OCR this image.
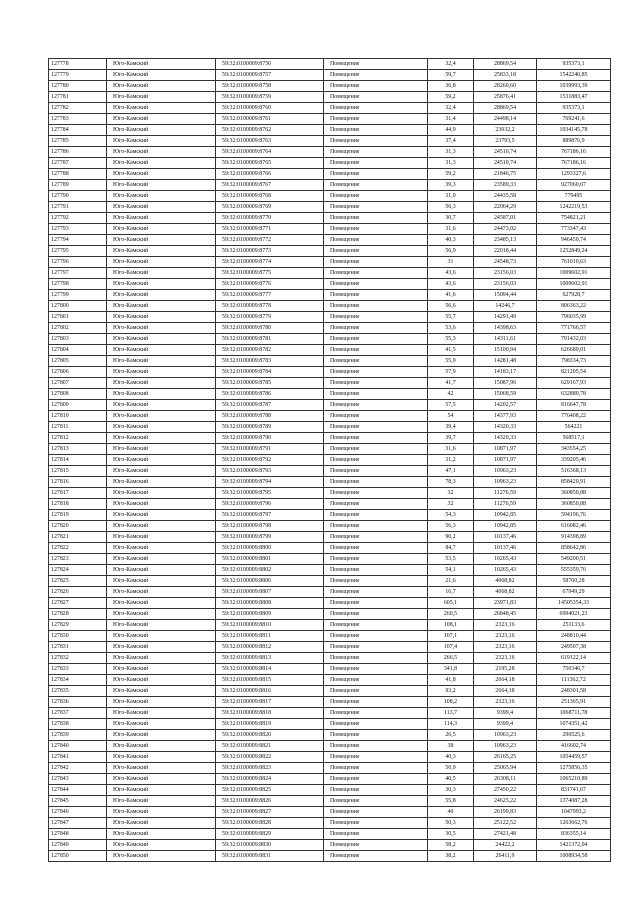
127778	Юго-Камский	59:32:0100009:8756	Помещение	32,4	28869,54	935373,1
127779	Юго-Камский	59:32:0100009:8757	Помещение	59,7	25833,18	1542240,85
127780	Юго-Камский	59:32:0100009:8758	Помещение	36,8	28260,60	1039993,39
127781	Юго-Камский	59:32:0100009:8759	Помещение	59,2	25876,41	1531883,47
127782	Юго-Камский	59:32:0100009:8760	Помещение	32,4	28869,54	935373,1
127783	Юго-Камский	59:32:0100009:8761	Помещение	31,4	24498,14	769241,6
127784	Юго-Камский	59:32:0100009:8762	Помещение	44,9	23032,2	1034145,78
127785	Юго-Камский	59:32:0100009:8763	Помещение	37,4	23793,5	889876,9
127786	Юго-Камский	59:32:0100009:8764	Помещение	31,3	24510,74	767186,16
127787	Юго-Камский	59:32:0100009:8765	Помещение	31,3	24510,74	767186,16
127788	Юго-Камский	59:32:0100009:8766	Помещение	59,2	21846,75	1293327,6
127789	Юго-Камский	59:32:0100009:8767	Помещение	39,3	23589,33	927060,67
127790	Юго-Камский	59:32:0100009:8768	Помещение	31,9	24435,58	779495
127791	Юго-Камский	59:32:0100009:8769	Помещение	56,3	22064,29	1242219,53
127792	Юго-Камский	59:32:0100009:8770	Помещение	30,7	24587,01	754821,21
127793	Юго-Камский	59:32:0100009:8771	Помещение	31,6	24473,02	773347,43
127794	Юго-Камский	59:32:0100009:8772	Помещение	40,3	23485,13	946450,74
127795	Юго-Камский	59:32:0100009:8773	Помещение	56,9	22018,44	1252849,24
127796	Юго-Камский	59:32:0100009:8774	Помещение	31	24548,73	761010,63
127797	Юго-Камский	59:32:0100009:8775	Помещение	43,6	23156,03	1009602,91
127798	Юго-Камский	59:32:0100009:8776	Помещение	43,6	23156,03	1009602,91
127799	Юго-Камский	59:32:0100009:8777	Помещение	41,6	15094,44	627928,7
127800	Юго-Камский	59:32:0100009:8778	Помещение	56,6	14246,7	806363,22
127801	Юго-Камский	59:32:0100009:8779	Помещение	55,7	14291,49	796035,99
127802	Юго-Камский	59:32:0100009:8780	Помещение	53,6	14398,63	771766,57
127803	Юго-Камский	59:32:0100009:8781	Помещение	55,3	14311,61	791432,03
127804	Юго-Камский	59:32:0100009:8782	Помещение	41,5	15100,94	626689,01
127805	Юго-Камский	59:32:0100009:8783	Помещение	55,9	14281,48	798334,73
127806	Юго-Камский	59:32:0100009:8784	Помещение	57,9	14183,17	821205,54
127807	Юго-Камский	59:32:0100009:8785	Помещение	41,7	15087,96	629167,93
127808	Юго-Камский	59:32:0100009:8786	Помещение	42	15068,59	632880,78
127809	Юго-Камский	59:32:0100009:8787	Помещение	57,5	14202,57	816647,78
127810	Юго-Камский	59:32:0100009:8788	Помещение	54	14377,93	776408,22
127811	Юго-Камский	59:32:0100009:8789	Помещение	39,4	14320,33	564221
127812	Юго-Камский	59:32:0100009:8790	Помещение	39,7	14320,33	568517,1
127813	Юго-Камский	59:32:0100009:8791	Помещение	31,6	10871,97	343554,25
127814	Юго-Камский	59:32:0100009:8792	Помещение	31,2	10871,97	339205,46
127815	Юго-Камский	59:32:0100009:8793	Помещение	47,1	10963,23	516368,13
127816	Юго-Камский	59:32:0100009:8794	Помещение	78,3	10963,23	858420,91
127817	Юго-Камский	59:32:0100009:8795	Помещение	32	11276,59	360850,88
127818	Юго-Камский	59:32:0100009:8796	Помещение	32	11276,59	360850,88
127819	Юго-Камский	59:32:0100009:8797	Помещение	54,3	10942,85	594196,76
127820	Юго-Камский	59:32:0100009:8798	Помещение	56,3	10942,85	616082,46
127821	Юго-Камский	59:32:0100009:8799	Помещение	90,2	10137,46	914398,89
127822	Юго-Камский	59:32:0100009:8800	Помещение	84,7	10137,46	858642,86
127823	Юго-Камский	59:32:0100009:8801	Помещение	53,5	10265,43	549200,51
127824	Юго-Камский	59:32:0100009:8802	Помещение	54,1	10265,43	555359,76
127825	Юго-Камский	59:32:0100009:8806	Помещение	21,6	4068,82	58700,28
127826	Юго-Камский	59:32:0100009:8807	Помещение	16,7	4068,82	67949,29
127827	Юго-Камский	59:32:0100009:8808	Помещение	605,1	23971,83	14505354,33
127828	Юго-Камский	59:32:0100009:8809	Помещение	260,5	26848,45	6994021,23
127829	Юго-Камский	59:32:0100009:8810	Помещение	108,1	2323,16	251133,6
127830	Юго-Камский	59:32:0100009:8811	Помещение	107,1	2323,16	248810,44
127831	Юго-Камский	59:32:0100009:8812	Помещение	107,4	2323,16	249507,38
127832	Юго-Камский	59:32:0100009:8813	Помещение	266,5	2323,16	619122,14
127833	Юго-Камский	59:32:0100009:8814	Помещение	341,8	2195,28	750346,7
127834	Юго-Камский	59:32:0100009:8815	Помещение	41,8	2664,18	111362,72
127835	Юго-Камский	59:32:0100009:8816	Помещение	93,2	2664,18	248301,58
127836	Юго-Камский	59:32:0100009:8817	Помещение	108,2	2323,16	251365,91
127837	Юго-Камский	59:32:0100009:8818	Помещение	113,7	9399,4	1068711,78
127838	Юго-Камский	59:32:0100009:8819	Помещение	114,3	9399,4	1074351,42
127839	Юго-Камский	59:32:0100009:8820	Помещение	26,5	10963,23	290525,6
127840	Юго-Камский	59:32:0100009:8821	Помещение	38	10963,23	416602,74
127841	Юго-Камский	59:32:0100009:8822	Помещение	40,3	26165,25	1054459,57
127842	Юго-Камский	59:32:0100009:8823	Помещение	50,9	25065,94	1275856,35
127843	Юго-Камский	59:32:0100009:8824	Помещение	40,5	26308,11	1065210,89
127844	Юго-Камский	59:32:0100009:8825	Помещение	30,3	27450,22	831741,67
127845	Юго-Камский	59:32:0100009:8826	Помещение	55,8	24625,22	1374087,28
127846	Юго-Камский	59:32:0100009:8827	Помещение	40	26199,83	1047993,2
127847	Юго-Камский	59:32:0100009:8828	Помещение	50,3	25122,52	1263662,76
127848	Юго-Камский	59:32:0100009:8829	Помещение	30,5	27421,48	836355,14
127849	Юго-Камский	59:32:0100009:8830	Помещение	58,2	24422,2	1421372,04
127850	Юго-Камский	59:32:0100009:8831	Помещение	38,2	26411,9	1008934,58
